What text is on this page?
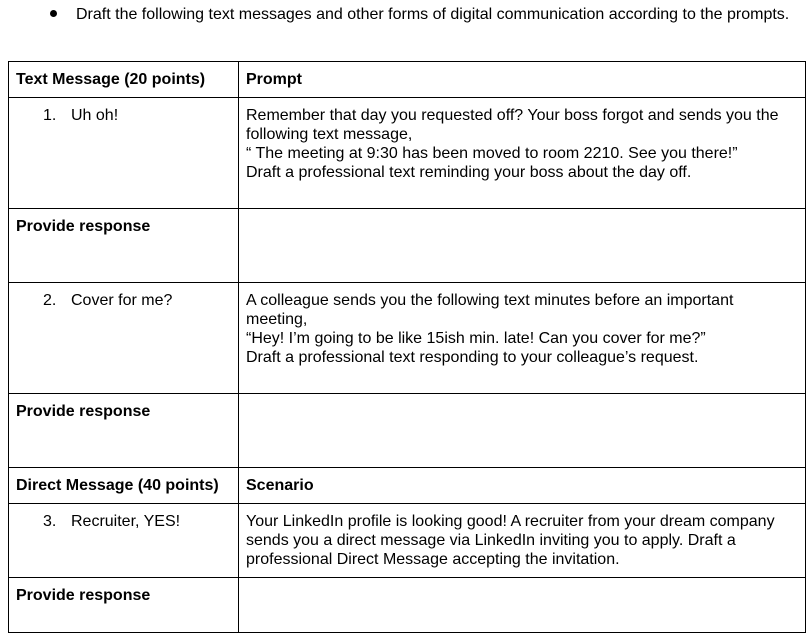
Draft the following text messages and other forms of digital communication according to the prompts.
Text Message (20 points)	Prompt

1. Uh oh!	Remember that day you requested off? Your boss forgot and sends you the following text message,
“ The meeting at 9:30 has been moved to room 2210. See you there!”
Draft a professional text reminding your boss about the day off.

Provide response	

2. Cover for me?	A colleague sends you the following text minutes before an important meeting,
“Hey! I’m going to be like 15ish min. late! Can you cover for me?”
Draft a professional text responding to your colleague’s request.

Provide response	

Direct Message (40 points)	Scenario

3. Recruiter, YES!	Your LinkedIn profile is looking good! A recruiter from your dream company sends you a direct message via LinkedIn inviting you to apply. Draft a professional Direct Message accepting the invitation.

Provide response	
